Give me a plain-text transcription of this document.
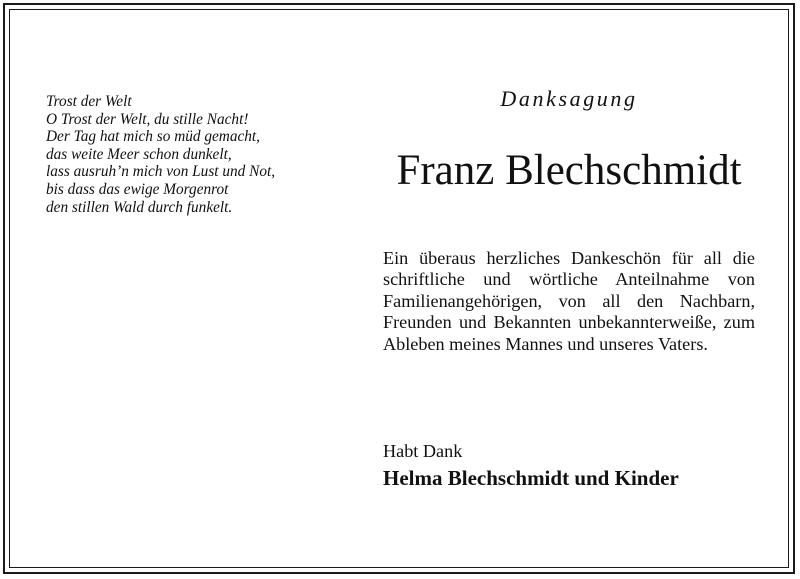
Trost der Welt
O Trost der Welt, du stille Nacht!
Der Tag hat mich so müd gemacht,
das weite Meer schon dunkelt,
lass ausruh’n mich von Lust und Not,
bis dass das ewige Morgenrot
den stillen Wald durch funkelt.
Danksagung
Franz Blechschmidt
Ein überaus herzliches Dankeschön für all die schriftliche und wörtliche Anteilnahme von Familienangehörigen, von all den Nachbarn, Freunden und Bekannten unbekannterweiße, zum Ableben meines Mannes und unseres Vaters.
Habt Dank
Helma Blechschmidt und Kinder
